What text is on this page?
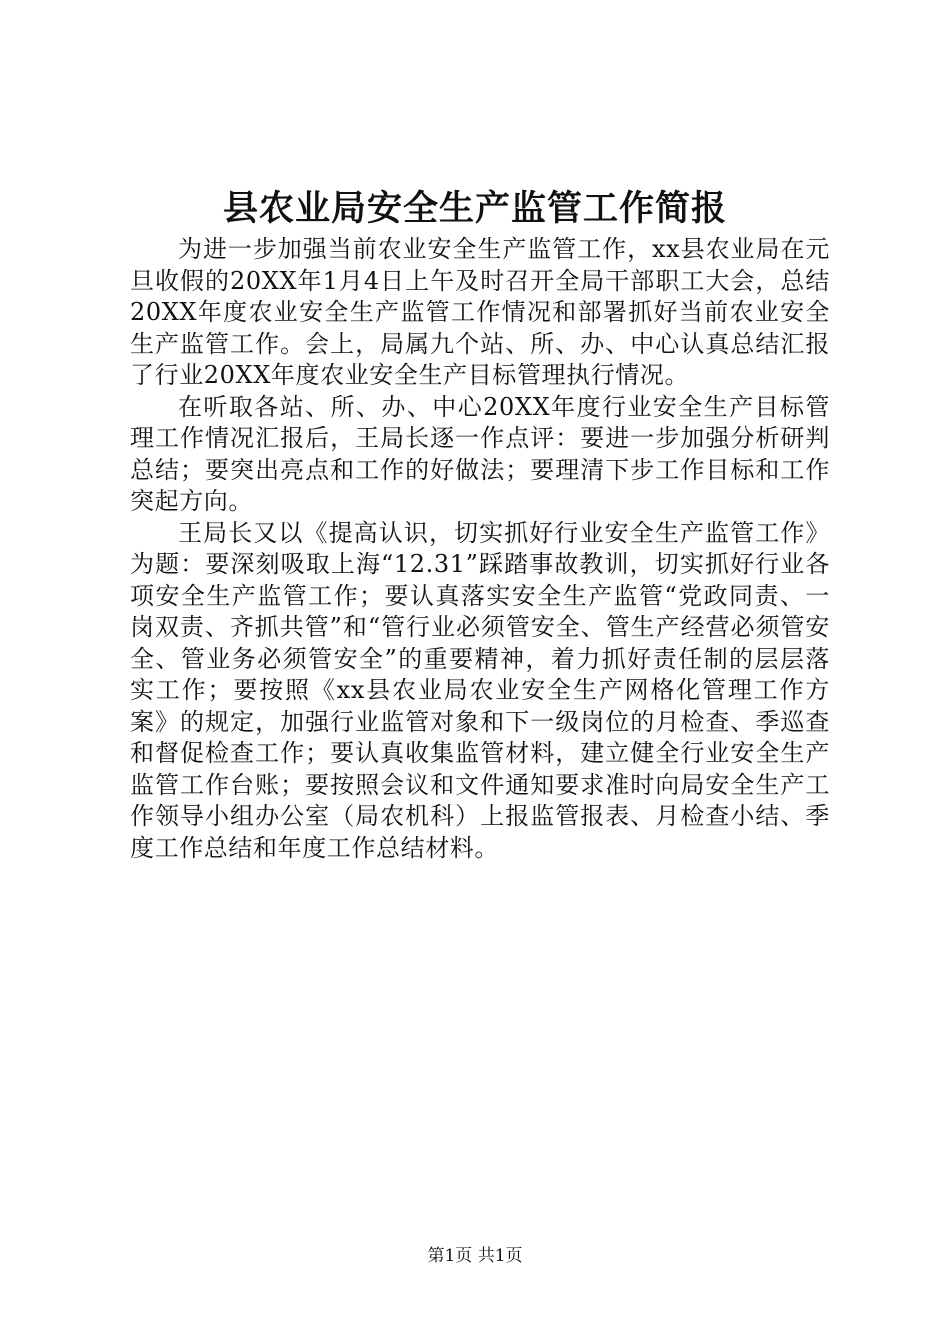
县农业局安全生产监管工作简报

为进一步加强当前农业安全生产监管工作，xx县农业局在元旦收假的20XX年1月4日上午及时召开全局干部职工大会，总结20XX年度农业安全生产监管工作情况和部署抓好当前农业安全生产监管工作。会上，局属九个站、所、办、中心认真总结汇报了行业20XX年度农业安全生产目标管理执行情况。

在听取各站、所、办、中心20XX年度行业安全生产目标管理工作情况汇报后，王局长逐一作点评：要进一步加强分析研判总结；要突出亮点和工作的好做法；要理清下步工作目标和工作突起方向。

王局长又以《提高认识，切实抓好行业安全生产监管工作》为题：要深刻吸取上海“12.31”踩踏事故教训，切实抓好行业各项安全生产监管工作；要认真落实安全生产监管“党政同责、一岗双责、齐抓共管”和“管行业必须管安全、管生产经营必须管安全、管业务必须管安全”的重要精神，着力抓好责任制的层层落实工作；要按照《xx县农业局农业安全生产网格化管理工作方案》的规定，加强行业监管对象和下一级岗位的月检查、季巡查和督促检查工作；要认真收集监管材料，建立健全行业安全生产监管工作台账；要按照会议和文件通知要求准时向局安全生产工作领导小组办公室（局农机科）上报监管报表、月检查小结、季度工作总结和年度工作总结材料。

第1页 共1页
